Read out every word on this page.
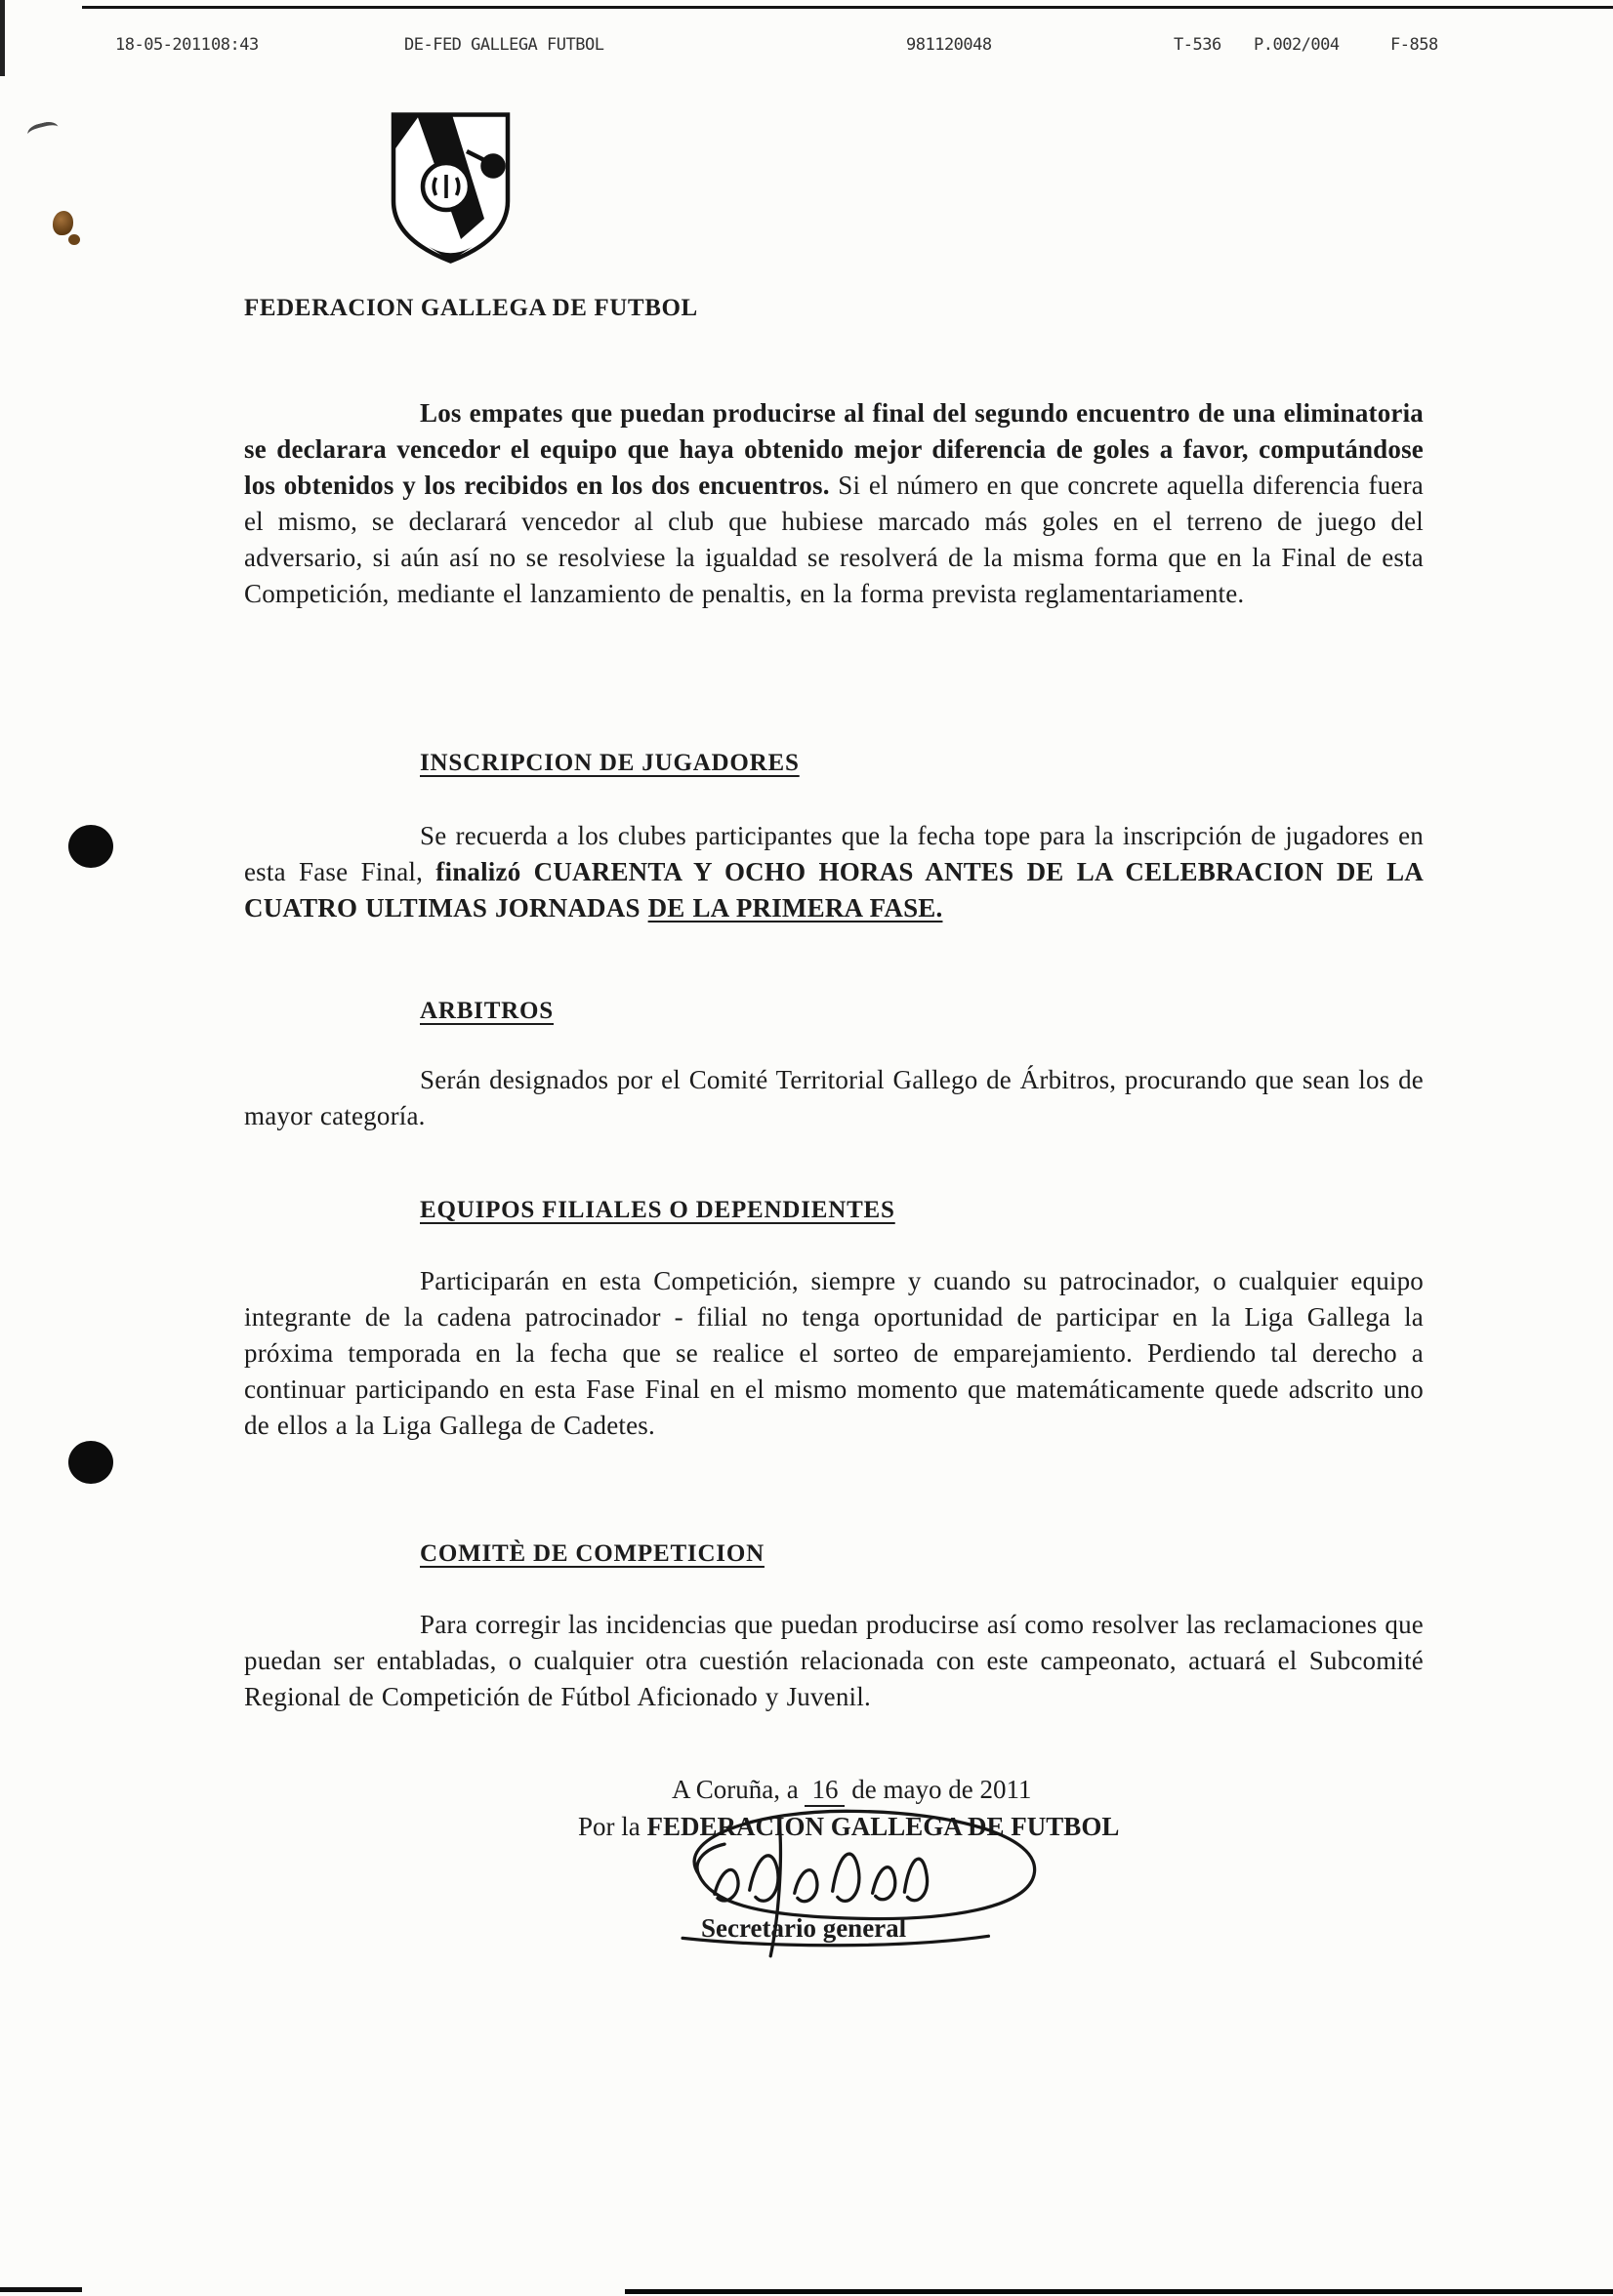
18-05-2011 08:43	DE-FED GALLEGA FUTBOL	981120048	T-536 P.002/004	F-858
FEDERACION GALLEGA DE FUTBOL

Los empates que puedan producirse al final del segundo encuentro de una eliminatoria se declarara vencedor el equipo que haya obtenido mejor diferencia de goles a favor, computándose los obtenidos y los recibidos en los dos encuentros. Si el número en que concrete aquella diferencia fuera el mismo, se declarará vencedor al club que hubiese marcado más goles en el terreno de juego del adversario, si aún así no se resolviese la igualdad se resolverá de la misma forma que en la Final de esta Competición, mediante el lanzamiento de penaltis, en la forma prevista reglamentariamente.

INSCRIPCION DE JUGADORES

Se recuerda a los clubes participantes que la fecha tope para la inscripción de jugadores en esta Fase Final, finalizó CUARENTA Y OCHO HORAS ANTES DE LA CELEBRACION DE LA CUATRO ULTIMAS JORNADAS DE LA PRIMERA FASE.

ARBITROS

Serán designados por el Comité Territorial Gallego de Árbitros, procurando que sean los de mayor categoría.

EQUIPOS FILIALES O DEPENDIENTES

Participarán en esta Competición, siempre y cuando su patrocinador, o cualquier equipo integrante de la cadena patrocinador - filial no tenga oportunidad de participar en la Liga Gallega la próxima temporada en la fecha que se realice el sorteo de emparejamiento. Perdiendo tal derecho a continuar participando en esta Fase Final en el mismo momento que matemáticamente quede adscrito uno de ellos a la Liga Gallega de Cadetes.

COMITÈ DE COMPETICION

Para corregir las incidencias que puedan producirse así como resolver las reclamaciones que puedan ser entabladas, o cualquier otra cuestión relacionada con este campeonato, actuará el Subcomité Regional de Competición de Fútbol Aficionado y Juvenil.

A Coruña, a 16 de mayo de 2011
Por la FEDERACION GALLEGA DE FUTBOL
Secretario general
